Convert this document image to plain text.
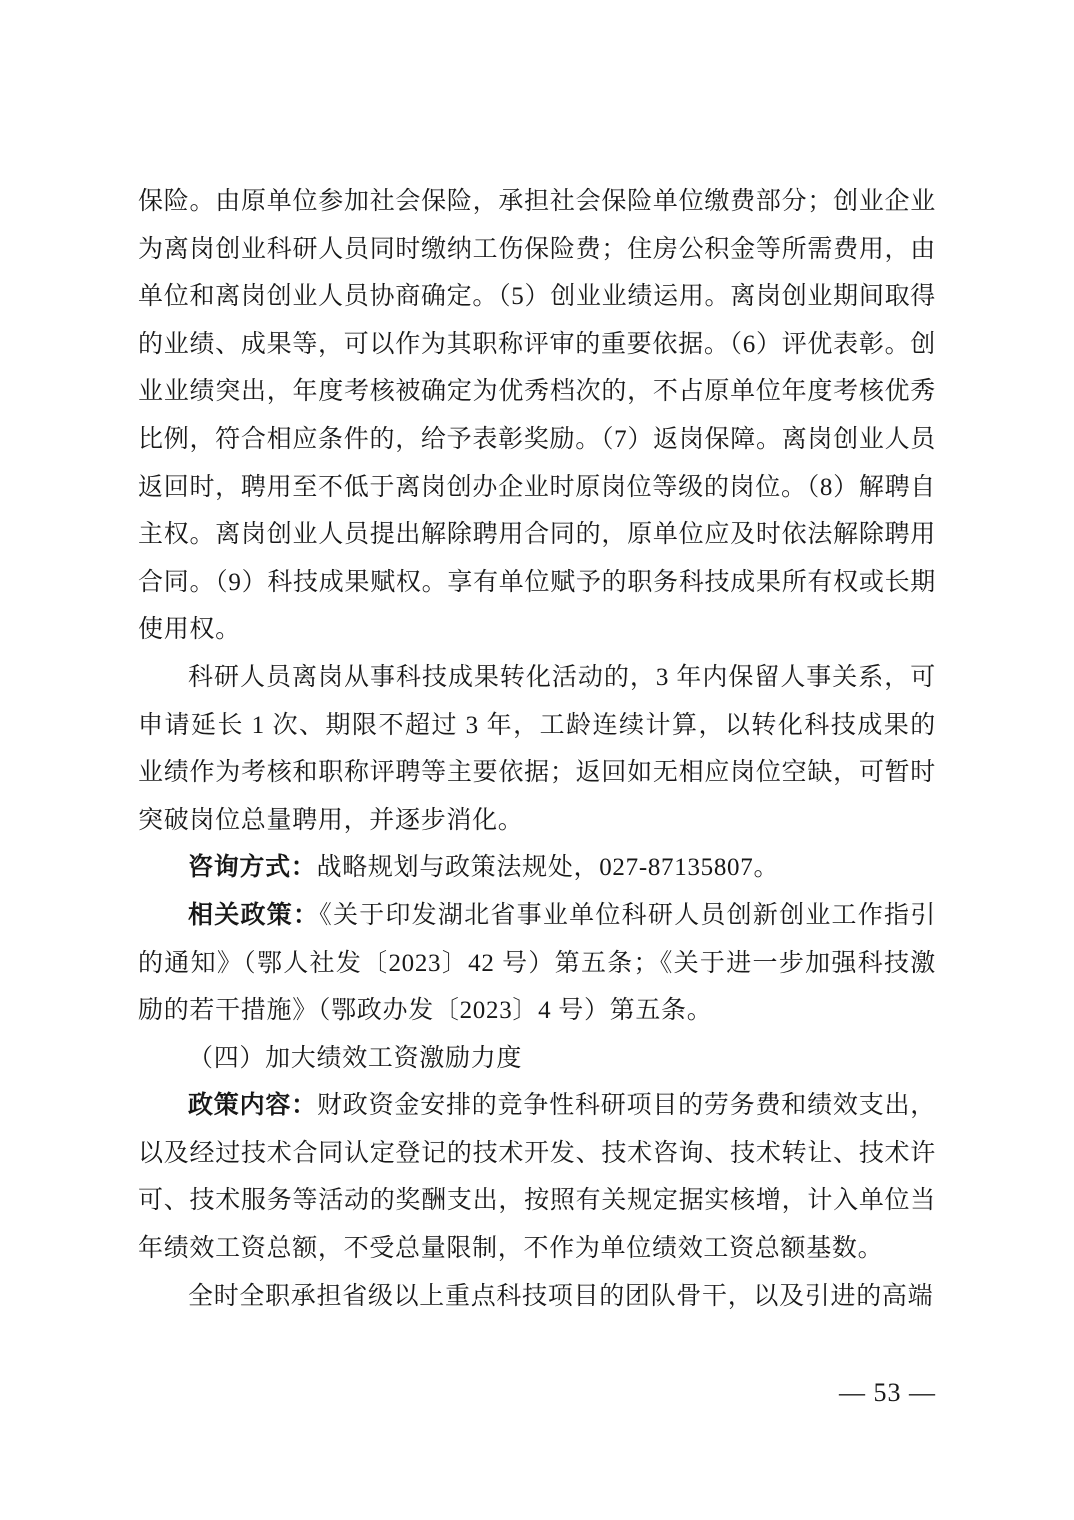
保险。由原单位参加社会保险，承担社会保险单位缴费部分；创业企业为离岗创业科研人员同时缴纳工伤保险费；住房公积金等所需费用，由单位和离岗创业人员协商确定。（5）创业业绩运用。离岗创业期间取得的业绩、成果等，可以作为其职称评审的重要依据。（6）评优表彰。创业业绩突出，年度考核被确定为优秀档次的，不占原单位年度考核优秀比例，符合相应条件的，给予表彰奖励。（7）返岗保障。离岗创业人员返回时，聘用至不低于离岗创办企业时原岗位等级的岗位。（8）解聘自主权。离岗创业人员提出解除聘用合同的，原单位应及时依法解除聘用合同。（9）科技成果赋权。享有单位赋予的职务科技成果所有权或长期使用权。

科研人员离岗从事科技成果转化活动的，3 年内保留人事关系，可申请延长 1 次、期限不超过 3 年，工龄连续计算，以转化科技成果的业绩作为考核和职称评聘等主要依据；返回如无相应岗位空缺，可暂时突破岗位总量聘用，并逐步消化。

咨询方式：战略规划与政策法规处，027-87135807。

相关政策：《关于印发湖北省事业单位科研人员创新创业工作指引的通知》（鄂人社发〔2023〕42 号）第五条；《关于进一步加强科技激励的若干措施》（鄂政办发〔2023〕4 号）第五条。

（四）加大绩效工资激励力度

政策内容：财政资金安排的竞争性科研项目的劳务费和绩效支出，以及经过技术合同认定登记的技术开发、技术咨询、技术转让、技术许可、技术服务等活动的奖酬支出，按照有关规定据实核增，计入单位当年绩效工资总额，不受总量限制，不作为单位绩效工资总额基数。

全时全职承担省级以上重点科技项目的团队骨干，以及引进的高端

— 53 —
